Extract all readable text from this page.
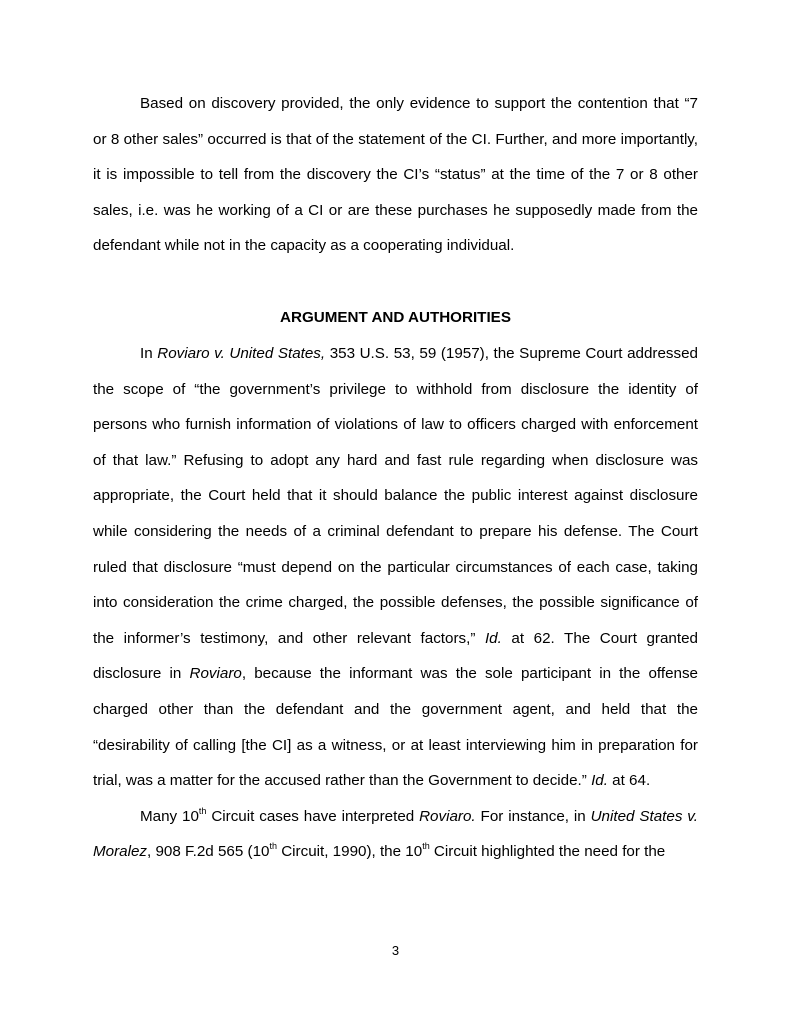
Based on discovery provided, the only evidence to support the contention that “7 or 8 other sales” occurred is that of the statement of the CI. Further, and more importantly, it is impossible to tell from the discovery the CI’s “status” at the time of the 7 or 8 other sales, i.e. was he working of a CI or are these purchases he supposedly made from the defendant while not in the capacity as a cooperating individual.

ARGUMENT AND AUTHORITIES

In Roviaro v. United States, 353 U.S. 53, 59 (1957), the Supreme Court addressed the scope of “the government’s privilege to withhold from disclosure the identity of persons who furnish information of violations of law to officers charged with enforcement of that law.” Refusing to adopt any hard and fast rule regarding when disclosure was appropriate, the Court held that it should balance the public interest against disclosure while considering the needs of a criminal defendant to prepare his defense. The Court ruled that disclosure “must depend on the particular circumstances of each case, taking into consideration the crime charged, the possible defenses, the possible significance of the informer’s testimony, and other relevant factors,” Id. at 62. The Court granted disclosure in Roviaro, because the informant was the sole participant in the offense charged other than the defendant and the government agent, and held that the “desirability of calling [the CI] as a witness, or at least interviewing him in preparation for trial, was a matter for the accused rather than the Government to decide.” Id. at 64.

Many 10th Circuit cases have interpreted Roviaro. For instance, in United States v. Moralez, 908 F.2d 565 (10th Circuit, 1990), the 10th Circuit highlighted the need for the

3
